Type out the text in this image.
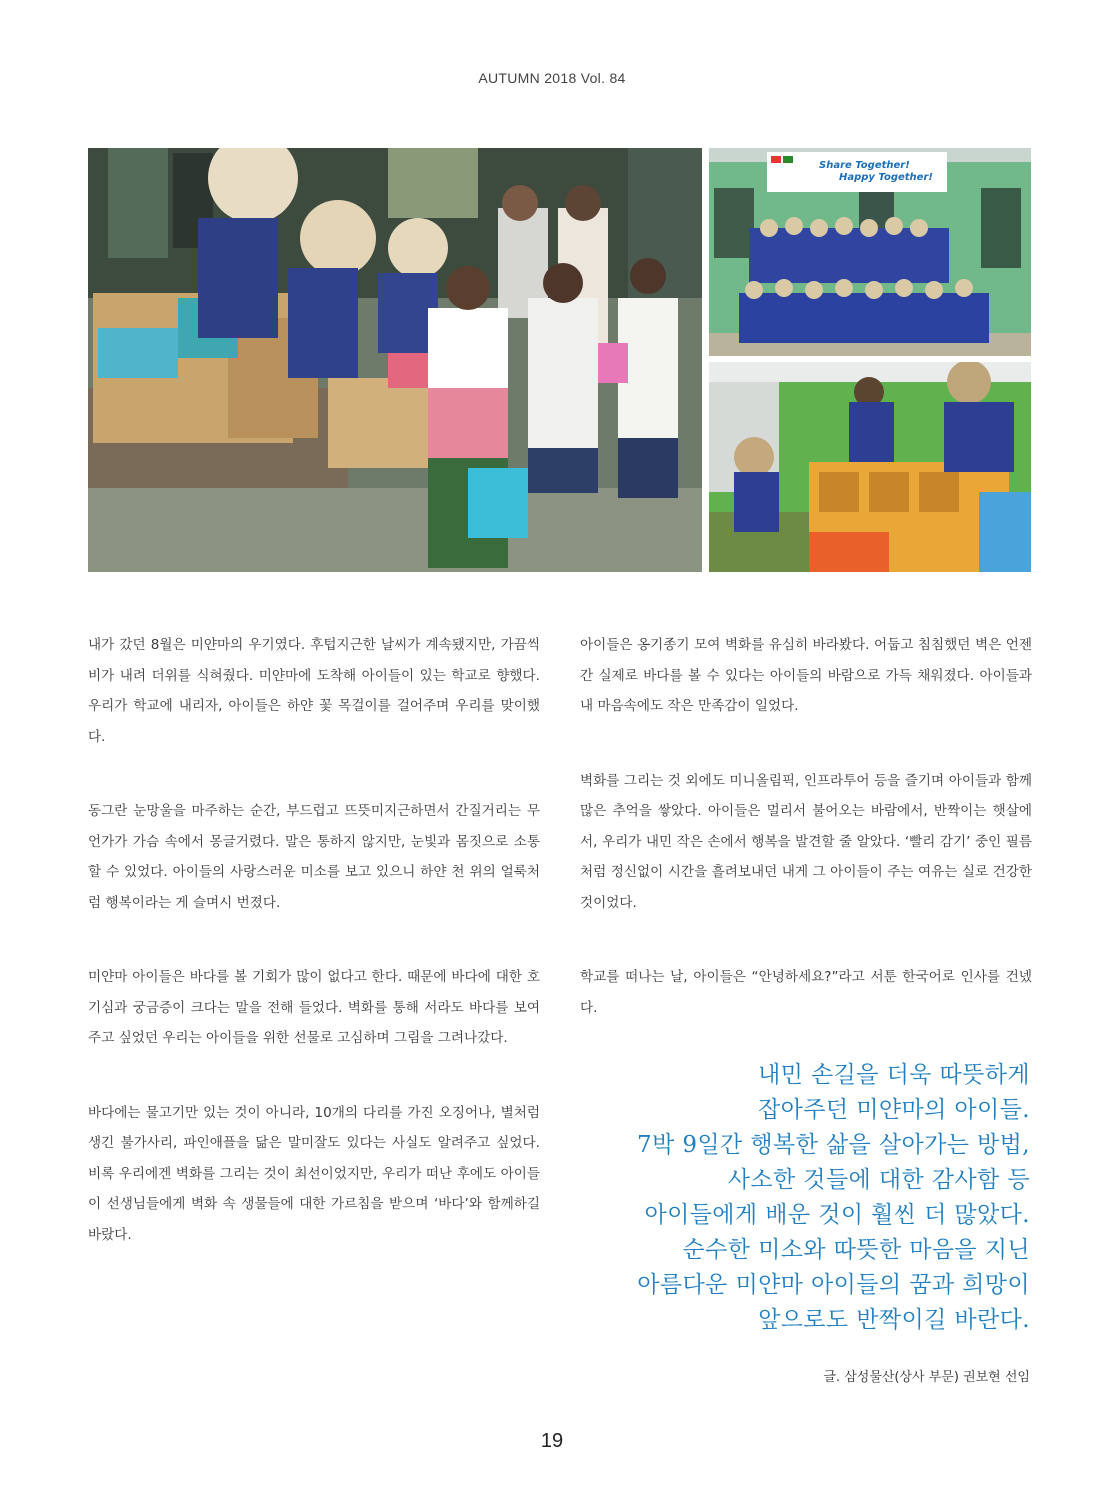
AUTUMN 2018 Vol. 84
Share Together!
Happy Together!

내가 갔던 8월은 미얀마의 우기였다. 후텁지근한 날씨가 계속됐지만, 가끔씩 비가 내려 더위를 식혀줬다. 미얀마에 도착해 아이들이 있는 학교로 향했다. 우리가 학교에 내리자, 아이들은 하얀 꽃 목걸이를 걸어주며 우리를 맞이했다.

동그란 눈망울을 마주하는 순간, 부드럽고 뜨뜻미지근하면서 간질거리는 무언가가 가슴 속에서 몽글거렸다. 말은 통하지 않지만, 눈빛과 몸짓으로 소통할 수 있었다. 아이들의 사랑스러운 미소를 보고 있으니 하얀 천 위의 얼룩처럼 행복이라는 게 슬며시 번졌다.

미얀마 아이들은 바다를 볼 기회가 많이 없다고 한다. 때문에 바다에 대한 호기심과 궁금증이 크다는 말을 전해 들었다. 벽화를 통해 서라도 바다를 보여주고 싶었던 우리는 아이들을 위한 선물로 고심하며 그림을 그려나갔다.

바다에는 물고기만 있는 것이 아니라, 10개의 다리를 가진 오징어나, 별처럼 생긴 불가사리, 파인애플을 닮은 말미잘도 있다는 사실도 알려주고 싶었다. 비록 우리에겐 벽화를 그리는 것이 최선이었지만, 우리가 떠난 후에도 아이들이 선생님들에게 벽화 속 생물들에 대한 가르침을 받으며 ‘바다’와 함께하길 바랐다.

아이들은 옹기종기 모여 벽화를 유심히 바라봤다. 어둡고 침침했던 벽은 언젠간 실제로 바다를 볼 수 있다는 아이들의 바람으로 가득 채워졌다. 아이들과 내 마음속에도 작은 만족감이 일었다.

벽화를 그리는 것 외에도 미니올림픽, 인프라투어 등을 즐기며 아이들과 함께 많은 추억을 쌓았다. 아이들은 멀리서 불어오는 바람에서, 반짝이는 햇살에서, 우리가 내민 작은 손에서 행복을 발견할 줄 알았다. ‘빨리 감기’ 중인 필름처럼 정신없이 시간을 흘려보내던 내게 그 아이들이 주는 여유는 실로 건강한 것이었다.

학교를 떠나는 날, 아이들은 “안녕하세요?”라고 서툰 한국어로 인사를 건넸다.

내민 손길을 더욱 따뜻하게
잡아주던 미얀마의 아이들.
7박 9일간 행복한 삶을 살아가는 방법,
사소한 것들에 대한 감사함 등
아이들에게 배운 것이 훨씬 더 많았다.
순수한 미소와 따뜻한 마음을 지닌
아름다운 미얀마 아이들의 꿈과 희망이
앞으로도 반짝이길 바란다.
글. 삼성물산(상사 부문) 권보현 선임
19
